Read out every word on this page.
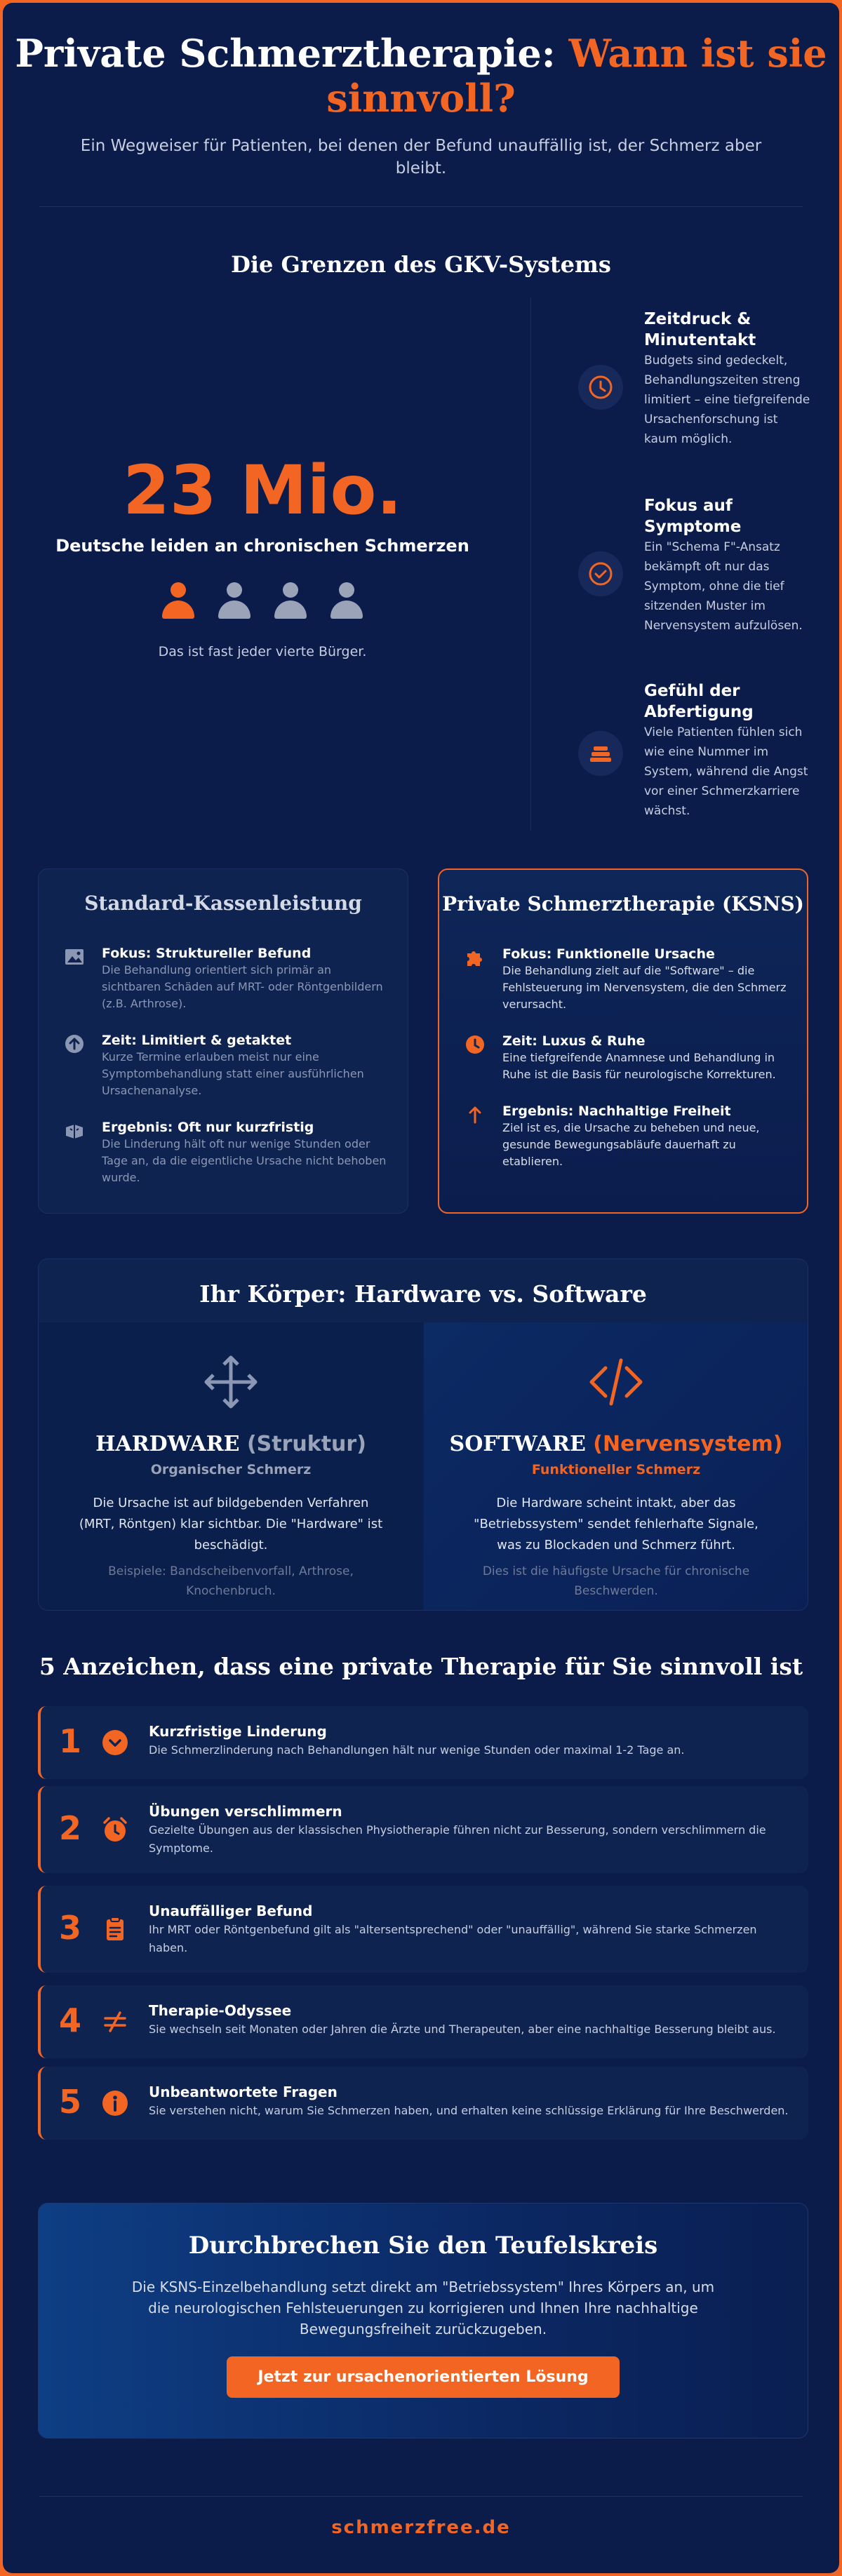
Private Schmerztherapie: Wann ist sie
sinnvoll?

Ein Wegweiser für Patienten, bei denen der Befund unauffällig ist, der Schmerz aber bleibt.

Die Grenzen des GKV-Systems
23 Mio.
Deutsche leiden an chronischen Schmerzen
Das ist fast jeder vierte Bürger.
Zeitdruck & Minutentakt

Budgets sind gedeckelt, Behandlungszeiten streng limitiert – eine tiefgreifende Ursachenforschung ist kaum möglich.

Fokus auf Symptome

Ein "Schema F"-Ansatz bekämpft oft nur das Symptom, ohne die tief sitzenden Muster im Nervensystem aufzulösen.

Gefühl der Abfertigung

Viele Patienten fühlen sich wie eine Nummer im System, während die Angst vor einer Schmerzkarriere wächst.

Standard-Kassenleistung
Fokus: Struktureller Befund

Die Behandlung orientiert sich primär an sichtbaren Schäden auf MRT- oder Röntgenbildern (z.B. Arthrose).

Zeit: Limitiert & getaktet

Kurze Termine erlauben meist nur eine Symptombehandlung statt einer ausführlichen Ursachenanalyse.

Ergebnis: Oft nur kurzfristig

Die Linderung hält oft nur wenige Stunden oder Tage an, da die eigentliche Ursache nicht behoben wurde.

Private Schmerztherapie (KSNS)
Fokus: Funktionelle Ursache

Die Behandlung zielt auf die "Software" – die Fehlsteuerung im Nervensystem, die den Schmerz verursacht.

Zeit: Luxus & Ruhe

Eine tiefgreifende Anamnese und Behandlung in Ruhe ist die Basis für neurologische Korrekturen.

Ergebnis: Nachhaltige Freiheit

Ziel ist es, die Ursache zu beheben und neue, gesunde Bewegungsabläufe dauerhaft zu etablieren.

Ihr Körper: Hardware vs. Software
HARDWARE (Struktur)
Organischer Schmerz

Die Ursache ist auf bildgebenden Verfahren (MRT, Röntgen) klar sichtbar. Die "Hardware" ist beschädigt.

Beispiele: Bandscheibenvorfall, Arthrose, Knochenbruch.

SOFTWARE (Nervensystem)
Funktioneller Schmerz

Die Hardware scheint intakt, aber das "Betriebssystem" sendet fehlerhafte Signale, was zu Blockaden und Schmerz führt.

Dies ist die häufigste Ursache für chronische Beschwerden.

5 Anzeichen, dass eine private Therapie für Sie sinnvoll ist
1	Kurzfristige Linderung

Die Schmerzlinderung nach Behandlungen hält nur wenige Stunden oder maximal 1-2 Tage an.

2	Übungen verschlimmern

Gezielte Übungen aus der klassischen Physiotherapie führen nicht zur Besserung, sondern verschlimmern die Symptome.

3	Unauffälliger Befund

Ihr MRT oder Röntgenbefund gilt als "altersentsprechend" oder "unauffällig", während Sie starke Schmerzen haben.

4	Therapie-Odyssee

Sie wechseln seit Monaten oder Jahren die Ärzte und Therapeuten, aber eine nachhaltige Besserung bleibt aus.

5	Unbeantwortete Fragen

Sie verstehen nicht, warum Sie Schmerzen haben, und erhalten keine schlüssige Erklärung für Ihre Beschwerden.

Durchbrechen Sie den Teufelskreis

Die KSNS-Einzelbehandlung setzt direkt am "Betriebssystem" Ihres Körpers an, um die neurologischen Fehlsteuerungen zu korrigieren und Ihnen Ihre nachhaltige Bewegungsfreiheit zurückzugeben.

Jetzt zur ursachenorientierten Lösung
schmerzfree.de
